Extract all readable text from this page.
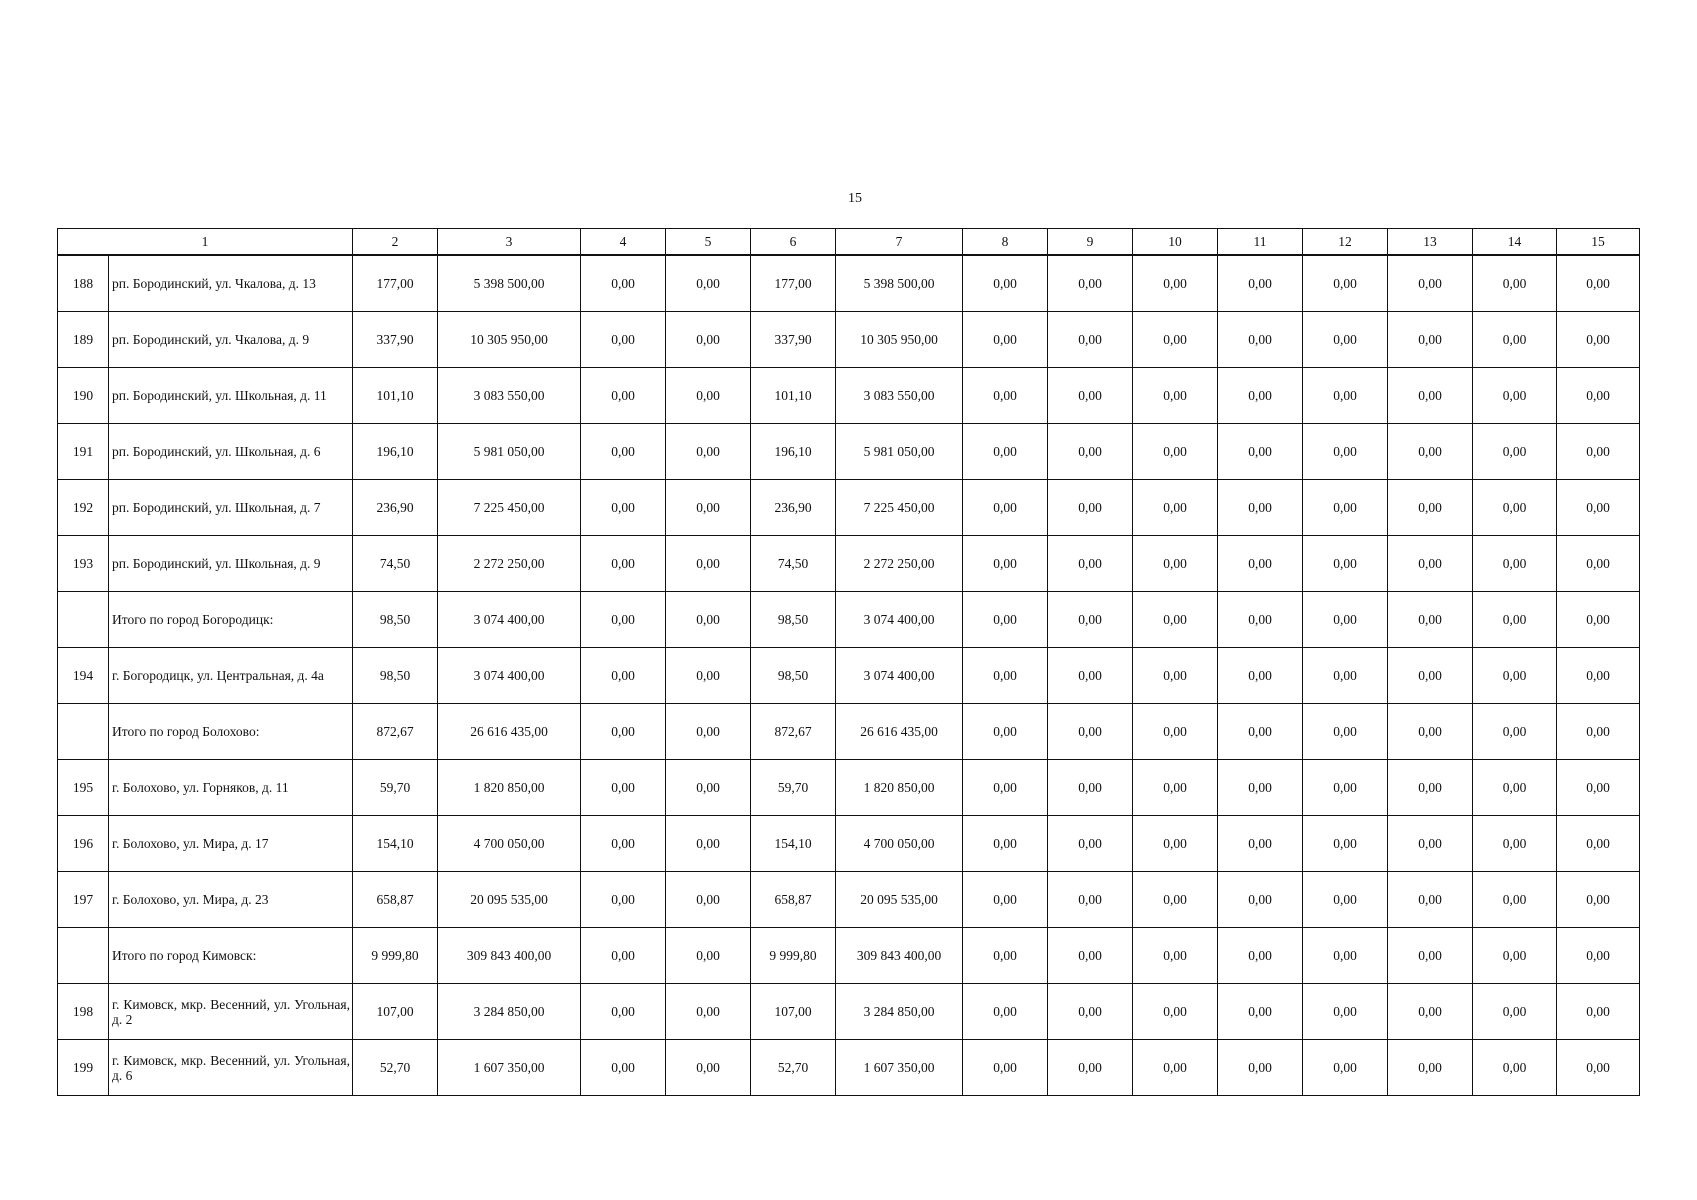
15
1		2	3	4	5	6	7	8	9	10	11	12	13	14	15
188	рп. Бородинский, ул. Чкалова, д. 13	177,00	5 398 500,00	0,00	0,00	177,00	5 398 500,00	0,00	0,00	0,00	0,00	0,00	0,00	0,00	0,00
189	рп. Бородинский, ул. Чкалова, д. 9	337,90	10 305 950,00	0,00	0,00	337,90	10 305 950,00	0,00	0,00	0,00	0,00	0,00	0,00	0,00	0,00
190	рп. Бородинский, ул. Школьная, д. 11	101,10	3 083 550,00	0,00	0,00	101,10	3 083 550,00	0,00	0,00	0,00	0,00	0,00	0,00	0,00	0,00
191	рп. Бородинский, ул. Школьная, д. 6	196,10	5 981 050,00	0,00	0,00	196,10	5 981 050,00	0,00	0,00	0,00	0,00	0,00	0,00	0,00	0,00
192	рп. Бородинский, ул. Школьная, д. 7	236,90	7 225 450,00	0,00	0,00	236,90	7 225 450,00	0,00	0,00	0,00	0,00	0,00	0,00	0,00	0,00
193	рп. Бородинский, ул. Школьная, д. 9	74,50	2 272 250,00	0,00	0,00	74,50	2 272 250,00	0,00	0,00	0,00	0,00	0,00	0,00	0,00	0,00
	Итого по город Богородицк:	98,50	3 074 400,00	0,00	0,00	98,50	3 074 400,00	0,00	0,00	0,00	0,00	0,00	0,00	0,00	0,00
194	г. Богородицк, ул. Центральная, д. 4а	98,50	3 074 400,00	0,00	0,00	98,50	3 074 400,00	0,00	0,00	0,00	0,00	0,00	0,00	0,00	0,00
	Итого по город Болохово:	872,67	26 616 435,00	0,00	0,00	872,67	26 616 435,00	0,00	0,00	0,00	0,00	0,00	0,00	0,00	0,00
195	г. Болохово, ул. Горняков, д. 11	59,70	1 820 850,00	0,00	0,00	59,70	1 820 850,00	0,00	0,00	0,00	0,00	0,00	0,00	0,00	0,00
196	г. Болохово, ул. Мира, д. 17	154,10	4 700 050,00	0,00	0,00	154,10	4 700 050,00	0,00	0,00	0,00	0,00	0,00	0,00	0,00	0,00
197	г. Болохово, ул. Мира, д. 23	658,87	20 095 535,00	0,00	0,00	658,87	20 095 535,00	0,00	0,00	0,00	0,00	0,00	0,00	0,00	0,00
	Итого по город Кимовск:	9 999,80	309 843 400,00	0,00	0,00	9 999,80	309 843 400,00	0,00	0,00	0,00	0,00	0,00	0,00	0,00	0,00
198	г. Кимовск, мкр. Весенний, ул. Угольная, д. 2	107,00	3 284 850,00	0,00	0,00	107,00	3 284 850,00	0,00	0,00	0,00	0,00	0,00	0,00	0,00	0,00
199	г. Кимовск, мкр. Весенний, ул. Угольная, д. 6	52,70	1 607 350,00	0,00	0,00	52,70	1 607 350,00	0,00	0,00	0,00	0,00	0,00	0,00	0,00	0,00
